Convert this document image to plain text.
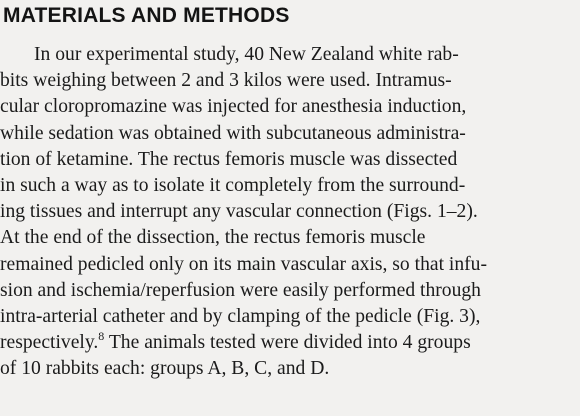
MATERIALS AND METHODS
In our experimental study, 40 New Zealand white rab-
bits weighing between 2 and 3 kilos were used. Intramus-
cular cloropromazine was injected for anesthesia induction,
while sedation was obtained with subcutaneous administra-
tion of ketamine. The rectus femoris muscle was dissected
in such a way as to isolate it completely from the surround-
ing tissues and interrupt any vascular connection (Figs. 1–2).
At the end of the dissection, the rectus femoris muscle
remained pedicled only on its main vascular axis, so that infu-
sion and ischemia/reperfusion were easily performed through
intra-arterial catheter and by clamping of the pedicle (Fig. 3),
respectively.$^8$ The animals tested were divided into 4 groups
of 10 rabbits each: groups A, B, C, and D.
